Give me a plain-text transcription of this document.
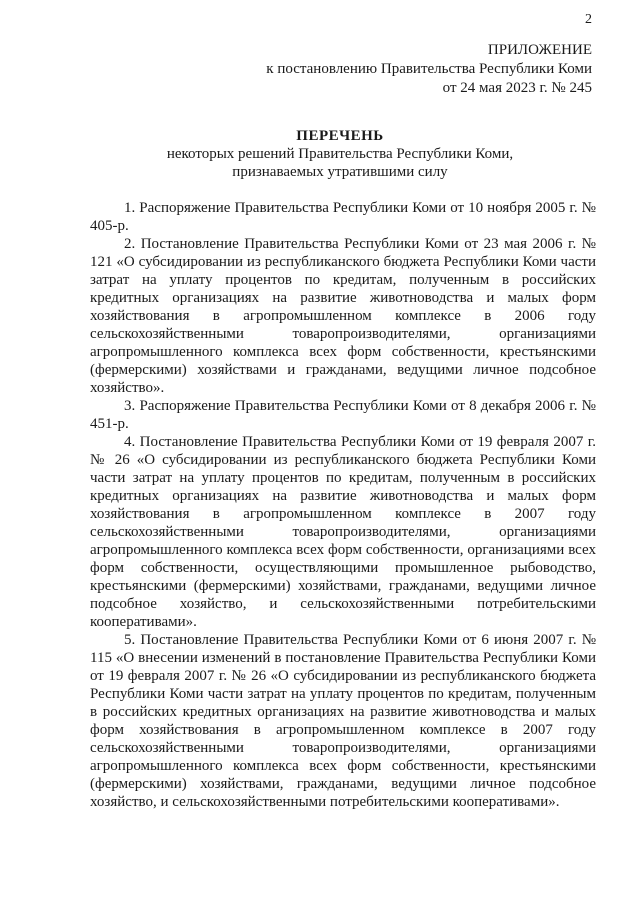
2
ПРИЛОЖЕНИЕ
к постановлению Правительства Республики Коми
от 24 мая 2023 г. № 245
ПЕРЕЧЕНЬ
некоторых решений Правительства Республики Коми,
признаваемых утратившими силу

1. Распоряжение Правительства Республики Коми от 10 ноября 2005 г. № 405-р.

2. Постановление Правительства Республики Коми от 23 мая 2006 г. № 121 «О субсидировании из республиканского бюджета Республики Коми части затрат на уплату процентов по кредитам, полученным в российских кредитных организациях на развитие животноводства и малых форм хозяйствования в агропромышленном комплексе в 2006 году сельскохозяйственными товаропроизводителями, организациями агропромышленного комплекса всех форм собственности, крестьянскими (фермерскими) хозяйствами и гражданами, ведущими личное подсобное хозяйство».

3. Распоряжение Правительства Республики Коми от 8 декабря 2006 г. № 451-р.

4. Постановление Правительства Республики Коми от 19 февраля 2007 г. № 26 «О субсидировании из республиканского бюджета Республики Коми части затрат на уплату процентов по кредитам, полученным в российских кредитных организациях на развитие животноводства и малых форм хозяйствования в агропромышленном комплексе в 2007 году сельскохозяйственными товаропроизводителями, организациями агропромышленного комплекса всех форм собственности, организациями всех форм собственности, осуществляющими промышленное рыбоводство, крестьянскими (фермерскими) хозяйствами, гражданами, ведущими личное подсобное хозяйство, и сельскохозяйственными потребительскими кооперативами».

5. Постановление Правительства Республики Коми от 6 июня 2007 г. № 115 «О внесении изменений в постановление Правительства Республики Коми от 19 февраля 2007 г. № 26 «О субсидировании из республиканского бюджета Республики Коми части затрат на уплату процентов по кредитам, полученным в российских кредитных организациях на развитие животноводства и малых форм хозяйствования в агропромышленном комплексе в 2007 году сельскохозяйственными товаропроизводителями, организациями агропромышленного комплекса всех форм собственности, крестьянскими (фермерскими) хозяйствами, гражданами, ведущими личное подсобное хозяйство, и сельскохозяйственными потребительскими кооперативами».
